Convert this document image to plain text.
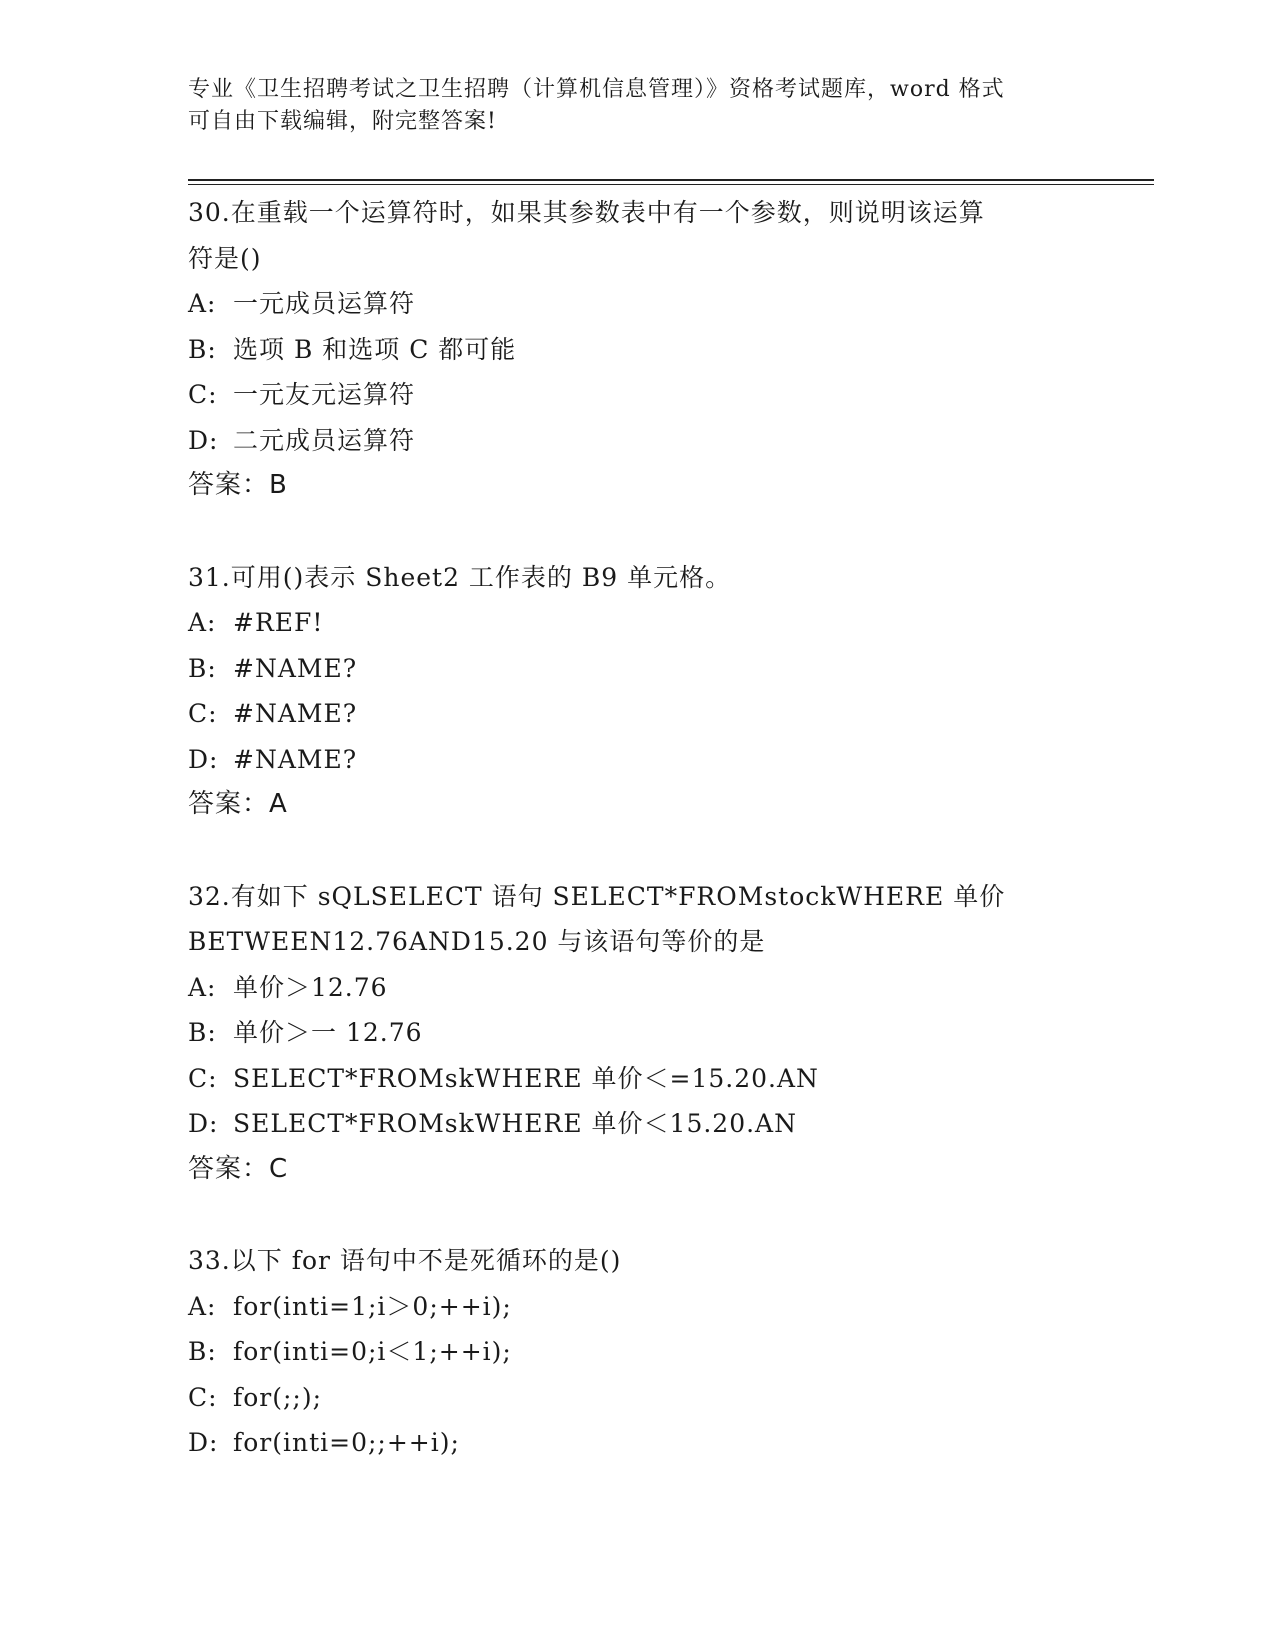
专业《卫生招聘考试之卫生招聘（计算机信息管理）》资格考试题库，word 格式
可自由下载编辑，附完整答案!
30.在重载一个运算符时，如果其参数表中有一个参数，则说明该运算
符是()
A: 一元成员运算符
B: 选项 B 和选项 C 都可能
C: 一元友元运算符
D: 二元成员运算符
答案：B
31.可用()表示 Sheet2 工作表的 B9 单元格。
A: #REF!
B: #NAME?
C: #NAME?
D: #NAME?
答案：A
32.有如下 sQLSELECT 语句 SELECT*FROMstockWHERE 单价
BETWEEN12.76AND15.20 与该语句等价的是
A: 单价＞12.76
B: 单价＞一 12.76
C: SELECT*FROMskWHERE 单价＜=15.20.AN
D: SELECT*FROMskWHERE 单价＜15.20.AN
答案：C
33.以下 for 语句中不是死循环的是()
A: for(inti=1;i＞0;++i);
B: for(inti=0;i＜1;++i);
C: for(;;);
D: for(inti=0;;++i);
